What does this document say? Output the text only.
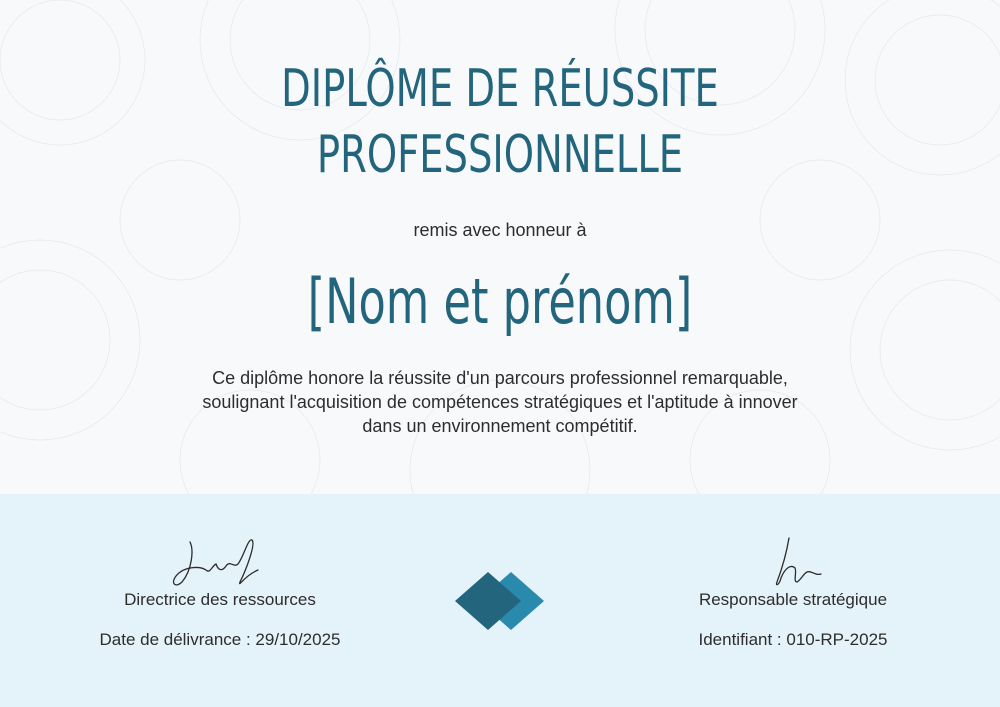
DIPLÔME DE RÉUSSITE
PROFESSIONNELLE
remis avec honneur à
[Nom et prénom]

Ce diplôme honore la réussite d'un parcours professionnel remarquable, soulignant l'acquisition de compétences stratégiques et l'aptitude à innover dans un environnement compétitif.

Directrice des ressources
Date de délivrance : 29/10/2025
Responsable stratégique
Identifiant : 010-RP-2025
